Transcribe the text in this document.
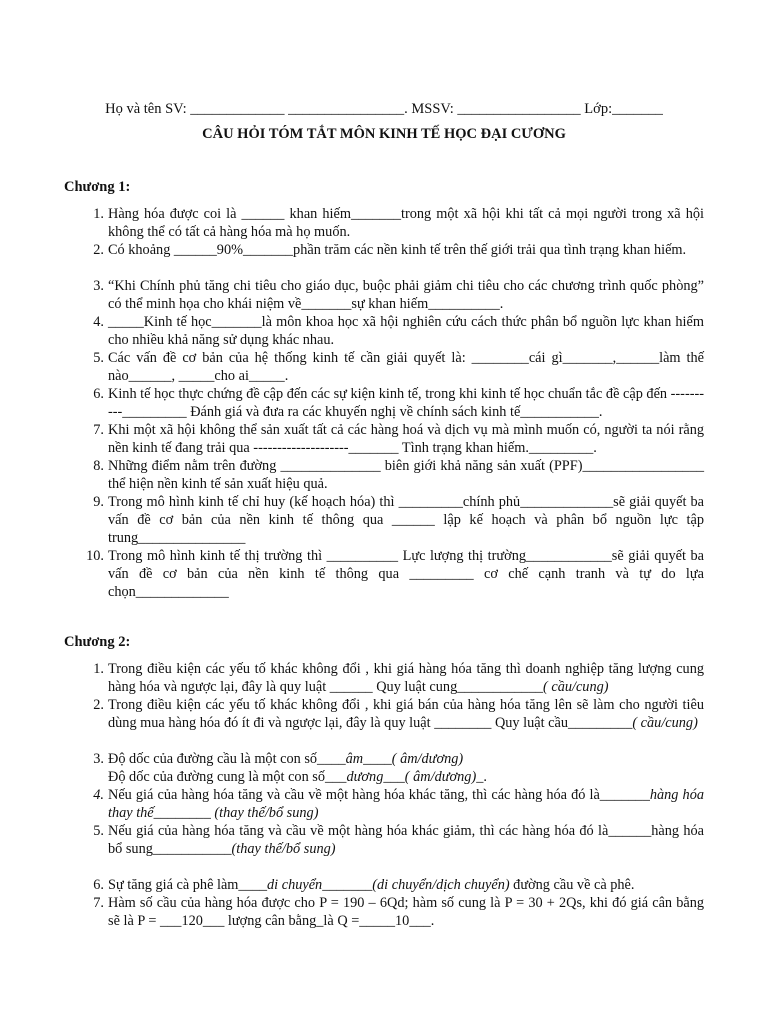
Họ và tên SV: _____________ ________________. MSSV: _________________ Lớp:_______
CÂU HỎI TÓM TẮT MÔN KINH TẾ HỌC ĐẠI CƯƠNG
Chương 1:
1. Hàng hóa được coi là ______ khan hiếm_______trong một xã hội khi tất cả mọi người trong xã hội không thể có tất cả hàng hóa mà họ muốn.
2. Có khoảng ______90%_______phần trăm các nền kinh tế trên thế giới trải qua tình trạng khan hiếm.
3. “Khi Chính phủ tăng chi tiêu cho giáo dục, buộc phải giảm chi tiêu cho các chương trình quốc phòng” có thể minh họa cho khái niệm về_______sự khan hiếm__________.
4. _____Kinh tế học_______là môn khoa học xã hội nghiên cứu cách thức phân bổ nguồn lực khan hiếm cho nhiều khả năng sử dụng khác nhau.
5. Các vấn đề cơ bản của hệ thống kinh tế cần giải quyết là: ________cái gì_______,______làm thế nào______, _____cho ai_____.
6. Kinh tế học thực chứng đề cập đến các sự kiện kinh tế, trong khi kinh tế học chuẩn tắc đề cập đến ----------_________ Đánh giá và đưa ra các khuyến nghị về chính sách kinh tế___________.
7. Khi một xã hội không thể sản xuất tất cả các hàng hoá và dịch vụ mà mình muốn có, người ta nói rằng nền kinh tế đang trải qua --------------------_______ Tình trạng khan hiếm._________.
8. Những điểm nằm trên đường ______________ biên giới khả năng sản xuất (PPF)_________________ thể hiện nền kinh tế sản xuất hiệu quả.
9. Trong mô hình kinh tế chỉ huy (kế hoạch hóa) thì _________chính phủ_____________sẽ giải quyết ba vấn đề cơ bản của nền kinh tế thông qua ______ lập kế hoạch và phân bổ nguồn lực tập trung_______________
10. Trong mô hình kinh tế thị trường thì __________ Lực lượng thị trường____________sẽ giải quyết ba vấn đề cơ bản của nền kinh tế thông qua _________ cơ chế cạnh tranh và tự do lựa chọn_____________
Chương 2:
1. Trong điều kiện các yếu tố khác không đổi , khi giá hàng hóa tăng thì doanh nghiệp tăng lượng cung hàng hóa và ngược lại, đây là quy luật ______ Quy luật cung____________( cầu/cung)
2. Trong điều kiện các yếu tố khác không đổi , khi giá bán của hàng hóa tăng lên sẽ làm cho người tiêu dùng mua hàng hóa đó ít đi và ngược lại, đây là quy luật ________ Quy luật cầu_________( cầu/cung)
3. Độ dốc của đường cầu là một con số____âm____( âm/dương)
Độ dốc của đường cung là một con số___dương___( âm/dương)_.
4. Nếu giá của hàng hóa tăng và cầu về một hàng hóa khác tăng, thì các hàng hóa đó là_______hàng hóa thay thế________ (thay thế/bổ sung)
5. Nếu giá của hàng hóa tăng và cầu về một hàng hóa khác giảm, thì các hàng hóa đó là______hàng hóa bổ sung___________(thay thế/bổ sung)
6. Sự tăng giá cà phê làm____di chuyển_______(di chuyển/dịch chuyển) đường cầu về cà phê.
7. Hàm số cầu của hàng hóa được cho P = 190 – 6Qd; hàm số cung là P = 30 + 2Qs, khi đó giá cân bằng sẽ là P = ___120___ lượng cân bằng_là Q =_____10___.
